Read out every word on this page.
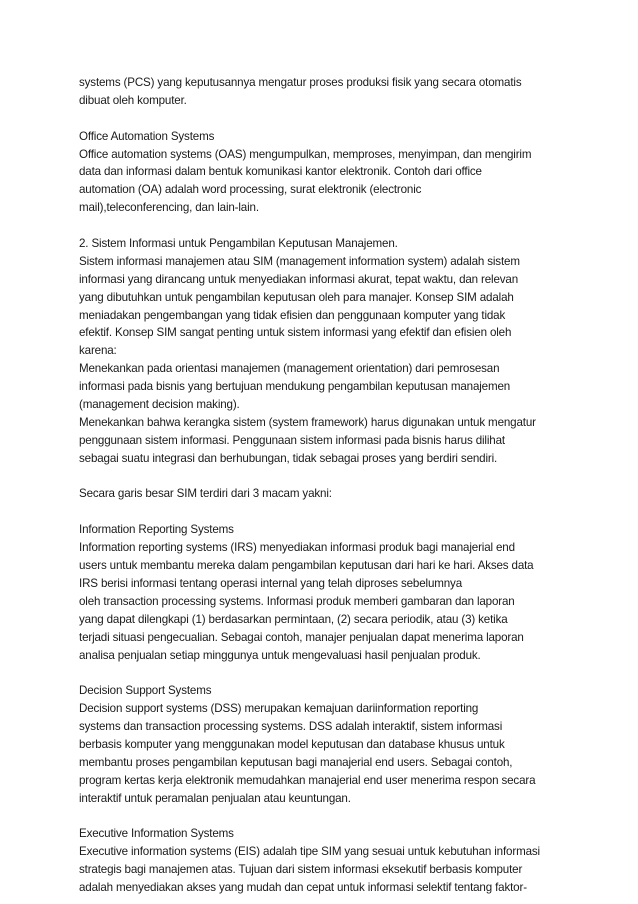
systems (PCS) yang keputusannya mengatur proses produksi fisik yang secara otomatis
dibuat oleh komputer.
Office Automation Systems
Office automation systems (OAS) mengumpulkan, memproses, menyimpan, dan mengirim
data dan informasi dalam bentuk komunikasi kantor elektronik. Contoh dari office
automation (OA) adalah word processing, surat elektronik (electronic
mail),teleconferencing, dan lain-lain.
2. Sistem Informasi untuk Pengambilan Keputusan Manajemen.
Sistem informasi manajemen atau SIM (management information system) adalah sistem
informasi yang dirancang untuk menyediakan informasi akurat, tepat waktu, dan relevan
yang dibutuhkan untuk pengambilan keputusan oleh para manajer. Konsep SIM adalah
meniadakan pengembangan yang tidak efisien dan penggunaan komputer yang tidak
efektif. Konsep SIM sangat penting untuk sistem informasi yang efektif dan efisien oleh
karena:
Menekankan pada orientasi manajemen (management orientation) dari pemrosesan
informasi pada bisnis yang bertujuan mendukung pengambilan keputusan manajemen
(management decision making).
Menekankan bahwa kerangka sistem (system framework) harus digunakan untuk mengatur
penggunaan sistem informasi. Penggunaan sistem informasi pada bisnis harus dilihat
sebagai suatu integrasi dan berhubungan, tidak sebagai proses yang berdiri sendiri.
Secara garis besar SIM terdiri dari 3 macam yakni:
Information Reporting Systems
Information reporting systems (IRS) menyediakan informasi produk bagi manajerial end
users untuk membantu mereka dalam pengambilan keputusan dari hari ke hari. Akses data
IRS berisi informasi tentang operasi internal yang telah diproses sebelumnya
oleh transaction processing systems. Informasi produk memberi gambaran dan laporan
yang dapat dilengkapi (1) berdasarkan permintaan, (2) secara periodik, atau (3) ketika
terjadi situasi pengecualian. Sebagai contoh, manajer penjualan dapat menerima laporan
analisa penjualan setiap minggunya untuk mengevaluasi hasil penjualan produk.
Decision Support Systems
Decision support systems (DSS) merupakan kemajuan dariinformation reporting
systems dan transaction processing systems. DSS adalah interaktif, sistem informasi
berbasis komputer yang menggunakan model keputusan dan database khusus untuk
membantu proses pengambilan keputusan bagi manajerial end users. Sebagai contoh,
program kertas kerja elektronik memudahkan manajerial end user menerima respon secara
interaktif untuk peramalan penjualan atau keuntungan.
Executive Information Systems
Executive information systems (EIS) adalah tipe SIM yang sesuai untuk kebutuhan informasi
strategis bagi manajemen atas. Tujuan dari sistem informasi eksekutif berbasis komputer
adalah menyediakan akses yang mudah dan cepat untuk informasi selektif tentang faktor-
